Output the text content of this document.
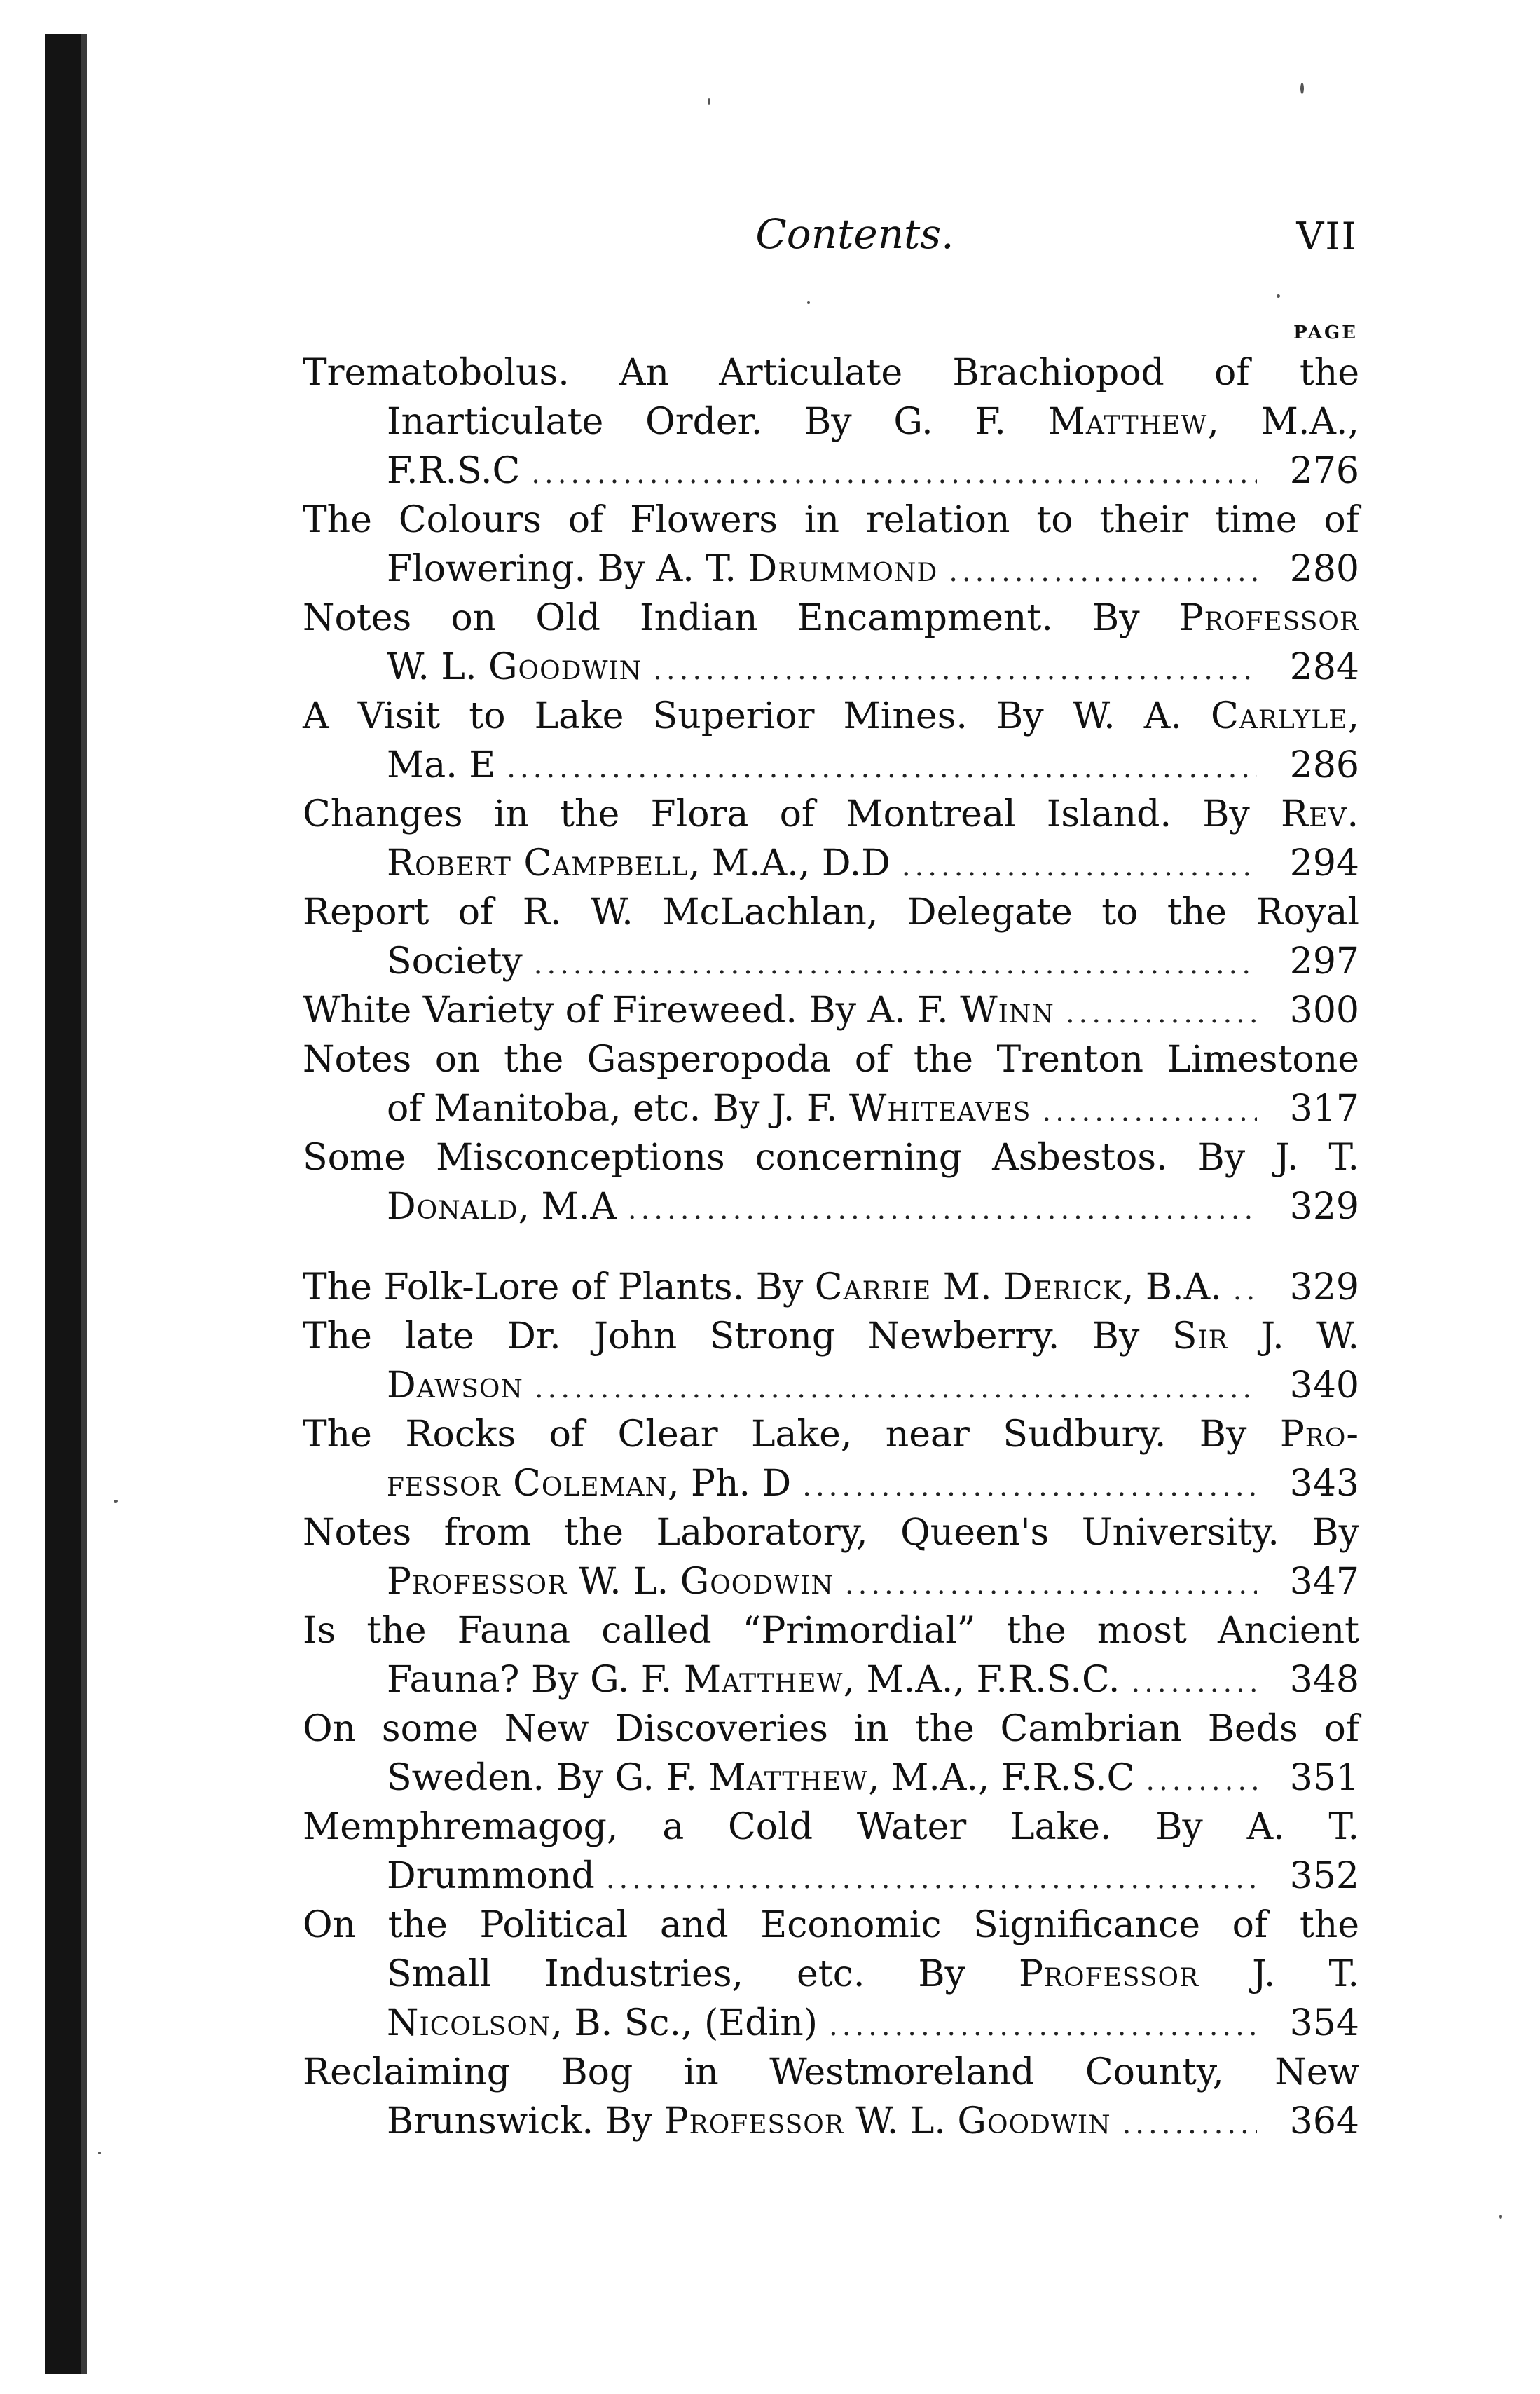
Contents.	VII
PAGE
Trematobolus. An Articulate Brachiopod of the
Inarticulate Order. By G. F. Matthew, M.A.,
F.R.S.C .....	276
The Colours of Flowers in relation to their time of
Flowering. By A. T. Drummond .....	280
Notes on Old Indian Encampment. By Professor
W. L. Goodwin .....	284
A Visit to Lake Superior Mines. By W. A. Carlyle,
Ma. E .....	286
Changes in the Flora of Montreal Island. By Rev.
Robert Campbell, M.A., D.D .....	294
Report of R. W. McLachlan, Delegate to the Royal
Society .....	297
White Variety of Fireweed. By A. F. Winn .....	300
Notes on the Gasperopoda of the Trenton Limestone
of Manitoba, etc. By J. F. Whiteaves .....	317
Some Misconceptions concerning Asbestos. By J. T.
Donald, M.A .....	329
The Folk-Lore of Plants. By Carrie M. Derick, B.A. .....	329
The late Dr. John Strong Newberry. By Sir J. W.
Dawson .....	340
The Rocks of Clear Lake, near Sudbury. By Pro-
fessor Coleman, Ph. D .....	343
Notes from the Laboratory, Queen's University. By
Professor W. L. Goodwin .....	347
Is the Fauna called “Primordial” the most Ancient
Fauna? By G. F. Matthew, M.A., F.R.S.C. .....	348
On some New Discoveries in the Cambrian Beds of
Sweden. By G. F. Matthew, M.A., F.R.S.C .....	351
Memphremagog, a Cold Water Lake. By A. T.
Drummond .....	352
On the Political and Economic Significance of the
Small Industries, etc. By Professor J. T.
Nicolson, B. Sc., (Edin) .....	354
Reclaiming Bog in Westmoreland County, New
Brunswick. By Professor W. L. Goodwin .....	364
